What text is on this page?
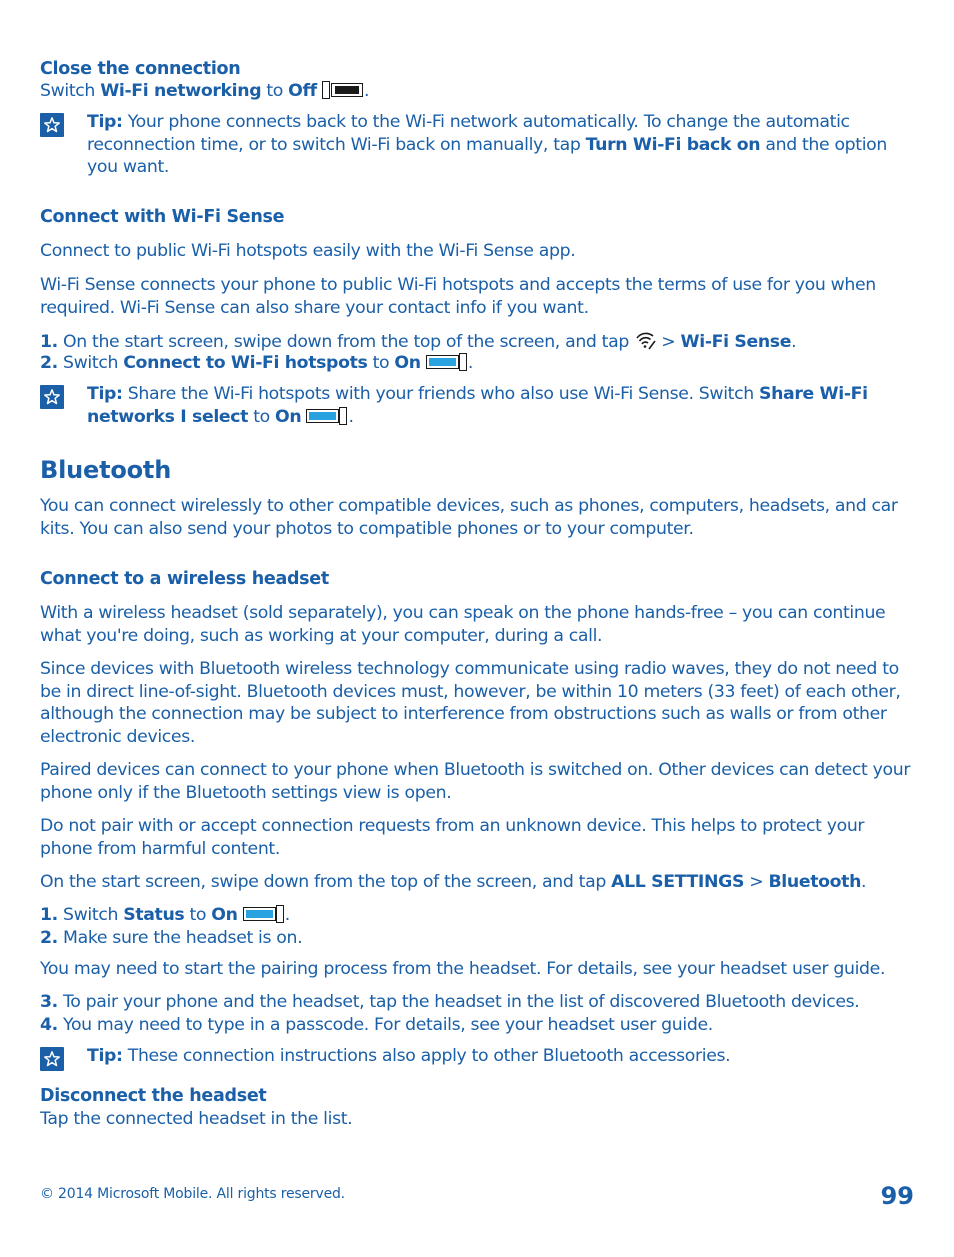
Close the connection
Switch Wi-Fi networking to Off	.
Tip: Your phone connects back to the Wi-Fi network automatically. To change the automatic reconnection time, or to switch Wi-Fi back on manually, tap Turn Wi-Fi back on and the option you want.
Connect with Wi-Fi Sense
Connect to public Wi-Fi hotspots easily with the Wi-Fi Sense app.
Wi-Fi Sense connects your phone to public Wi-Fi hotspots and accepts the terms of use for you when required. Wi-Fi Sense can also share your contact info if you want.
1. On the start screen, swipe down from the top of the screen, and tap  > Wi-Fi Sense.
2. Switch Connect to Wi-Fi hotspots to On	.
Tip: Share the Wi-Fi hotspots with your friends who also use Wi-Fi Sense. Switch Share Wi-Fi networks I select to On	.
Bluetooth
You can connect wirelessly to other compatible devices, such as phones, computers, headsets, and car kits. You can also send your photos to compatible phones or to your computer.
Connect to a wireless headset
With a wireless headset (sold separately), you can speak on the phone hands-free – you can continue what you're doing, such as working at your computer, during a call.
Since devices with Bluetooth wireless technology communicate using radio waves, they do not need to be in direct line-of-sight. Bluetooth devices must, however, be within 10 meters (33 feet) of each other, although the connection may be subject to interference from obstructions such as walls or from other electronic devices.
Paired devices can connect to your phone when Bluetooth is switched on. Other devices can detect your phone only if the Bluetooth settings view is open.
Do not pair with or accept connection requests from an unknown device. This helps to protect your phone from harmful content.
On the start screen, swipe down from the top of the screen, and tap ALL SETTINGS > Bluetooth.
1. Switch Status to On	.
2. Make sure the headset is on.
You may need to start the pairing process from the headset. For details, see your headset user guide.
3. To pair your phone and the headset, tap the headset in the list of discovered Bluetooth devices.
4. You may need to type in a passcode. For details, see your headset user guide.
Tip: These connection instructions also apply to other Bluetooth accessories.
Disconnect the headset
Tap the connected headset in the list.
© 2014 Microsoft Mobile. All rights reserved.	99
